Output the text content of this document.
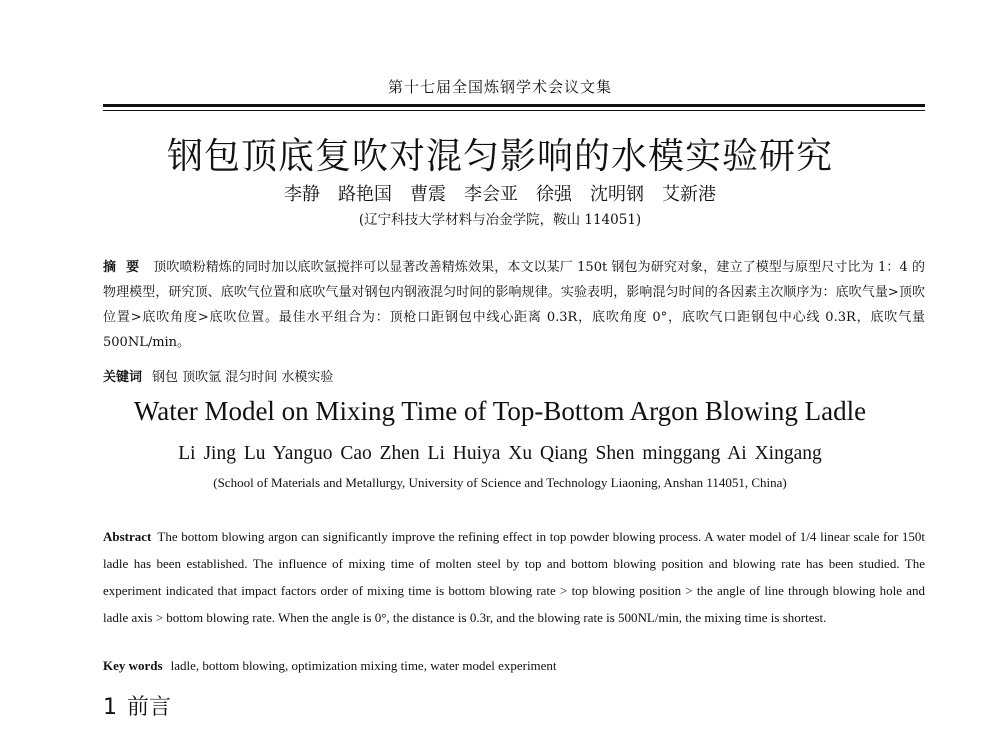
第十七届全国炼钢学术会议文集
钢包顶底复吹对混匀影响的水模实验研究
李静　路艳国　曹震　李会亚　徐强　沈明钢　艾新港
(辽宁科技大学材料与冶金学院，鞍山 114051)
摘要 顶吹喷粉精炼的同时加以底吹氩搅拌可以显著改善精炼效果，本文以某厂 150t 钢包为研究对象，建立了模型与原型尺寸比为 1：4 的物理模型，研究顶、底吹气位置和底吹气量对钢包内钢液混匀时间的影响规律。实验表明，影响混匀时间的各因素主次顺序为：底吹气量>顶吹位置>底吹角度>底吹位置。最佳水平组合为：顶枪口距钢包中线心距离 0.3R，底吹角度 0°，底吹气口距钢包中心线 0.3R，底吹气量 500NL/min。
关键词 钢包 顶吹氩 混匀时间 水模实验
Water Model on Mixing Time of Top-Bottom Argon Blowing Ladle
Li Jing Lu Yanguo Cao Zhen Li Huiya Xu Qiang Shen minggang Ai Xingang
(School of Materials and Metallurgy, University of Science and Technology Liaoning, Anshan 114051, China)
Abstract The bottom blowing argon can significantly improve the refining effect in top powder blowing process. A water model of 1/4 linear scale for 150t ladle has been established. The influence of mixing time of molten steel by top and bottom blowing position and blowing rate has been studied. The experiment indicated that impact factors order of mixing time is bottom blowing rate > top blowing position > the angle of line through blowing hole and ladle axis > bottom blowing rate. When the angle is 0°, the distance is 0.3r, and the blowing rate is 500NL/min, the mixing time is shortest.
Key words ladle, bottom blowing, optimization mixing time, water model experiment
1 前言
